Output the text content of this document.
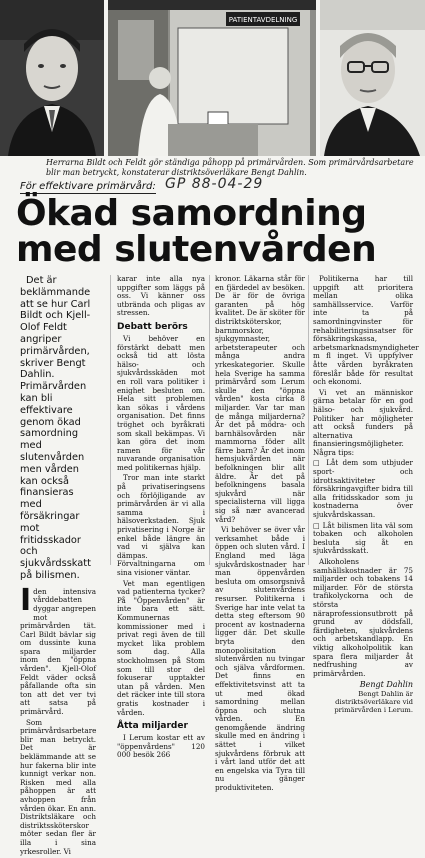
PATIENTAVDELNING
Herrarna Bildt och Feldt gör ständiga påhopp på primärvården. Som primärvårdsarbetare blir man betryckt, konstaterar distriktsöverläkare Bengt Dahlin.
För effektivare primärvård: GP 88-04-29
Ökad samordning med slutenvården

Det är beklämmande att se hur Carl Bildt och Kjell-Olof Feldt angriper primärvården, skriver Bengt Dahlin. Primärvården kan bli effektivare genom ökad samordning med slutenvården men vården kan också finansieras med försäkringar mot fritidsskador och sjukvårdsskatt på bilismen.

I den intensiva vårddebatten dyggar angrepen mot primärvården tät. Carl Bildt bävlar sig om dussinte kuna spara miljarder inom den "öppna vården". Kjell-Olof Feldt väder också påfallande ofta sin ton att det ver tvi att satsa på primärvård.

Som primärvårdsarbetare blir man betryckt. Det är beklämmande att se hur fakerna blir inte kunnigt verkar non. Risken med alla påhoppen är att avhoppen från vården ökar. En ann. Distriktsläkare och distriktssköterskor möter sedan fler är illa i sina yrkesroller. Vi

karar inte alla nya uppgifter som läggs på oss. Vi känner oss utbrända och pligas av stressen.

Debatt berörs

Vi behöver en förstärkt debatt men också tid att lösta hälso- och sjukvårdsskäden mot en roll vara politiker i enighet besluten om. Hela sitt problemen kan sökas i vårdens organisation. Det finns tröghet och byråkrati som skall bekämpas. Vi kan göra det inom ramen för vår nuvarande organisation med politikernas hjälp.

Tror man inte starkt på privatiseringsens och förlöjligande av primärvården är vi alla samma i hälsoverkstaden. Sjuk privatisering i Norge är enkel både längre än vad vi själva kan dämpas. Förvaltningarna om sina visioner väntar.

Vet man egentligen vad patienterna tycker? På "Öppenvården" är inte bara ett sätt. Kommunernas kommissioner med i privat regi även de till mycket lika problem som dag. Alla stockholmsen på Stom som till stor del fokuserar upptakter utan på vården. Men det räcker inte till stora gratis kostnader i vården.

Åtta miljarder

I Lerum kostar ett av "öppenvårdens" 120 000 besök 266

kronor. Läkarna står för en fjärdedel av besöken. De är för de övriga garanten på hög kvalitet. De är sköter för distriktsköterskor, barnmorskor, sjukgymnaster, arbetsterapeuter och många andra yrkeskategorier. Skulle hela Sverige ha samma primärvård som Lerum skulle den "öppna vården" kosta cirka 8 miljarder. Var tar man de många miljarderna? Är det på mödra- och barnhälsovården när mammorna föder allt färre barn? Är det inom hemsjukvården när befolkningen blir allt äldre. Är det på befolkningens basala sjukvård när specialisterna vill ligga sig så nær avancerad vård?

Vi behöver se över vår verksamhet både i öppen och sluten vård. I England med läga sjukvårdskostnader har man öppenvården besluta om omsorgsnivå av slutenvårdens resurser. Politikerna i Sverige har inte velat ta detta steg eftersom 90 procent av kostnaderna ligger där. Det skulle bryta den monopolisitation slutenvården nu tvingar och själva vårdformen. Det finns en effektivitetsvinst att ta ut med ökad samordning mellan öppna och slutna vården. En genomgående ändring skulle med en ändring i sättet i vilket sjukvårdens förbruk att i vårt land utför det att en engelska via Tyra till nu gänger produktiviteten.

Politikerna har till uppgift att prioritera mellan olika samhällsservice. Varför inte ta på samordningvinster för rehabiliteringsinsatser för försäkringskassa, arbetsmarknadsmyndigheter m fl inget. Vi uppfylver åtte vården byråkraten föreslår både för resultat och ekonomi.

Vi vet an människor gärna betalar för en god hälso- och sjukvård. Politiker har möjligheter att också funders på alternativa finansieringsmöjligheter. Några tips:

□ Låt dem som utbjuder sport- och idrottsaktiviteter försäkringavgifter bidra till alla fritidsskador som ju kostnaderna över sjukvårdskassan.

□ Låt bilismen lita väl som tobaken och alkoholen besluta sig åt en sjukvårdsskatt.

Alkoholens samhällskostnader är 75 miljarder och tobakens 14 miljarder. För de största trafikolyckorna och de största näraprofessionsutbrott på grund av dödsfall, färdigheten, sjukvårdens och arbetskandlapp. En viktig alkoholpolitik kan spara flera miljarder åt nedfrushing av primärvården.

Bengt Dahlin
Bengt Dahlin är distriktsöverläkare vid primärvården i Lerum.
